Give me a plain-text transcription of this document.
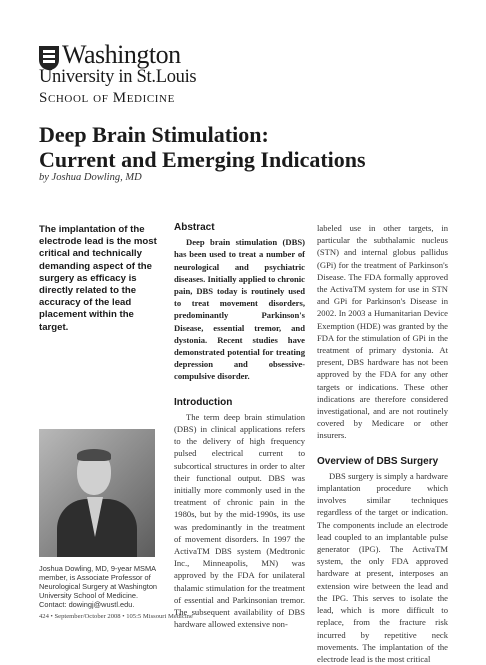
Washington
University in St.Louis
School of Medicine
Deep Brain Stimulation:
Current and Emerging Indications
by Joshua Dowling, MD
The implantation of the electrode lead is the most critical and technically demanding aspect of the surgery as efficacy is directly related to the accuracy of the lead placement within the target.
Joshua Dowling, MD, 9-year MSMA member, is Associate Professor of Neurological Surgery at Washington University School of Medicine.
Contact: dowingj@wustl.edu.
Abstract

Deep brain stimulation (DBS) has been used to treat a number of neurological and psychiatric diseases. Initially applied to chronic pain, DBS today is routinely used to treat movement disorders, predominantly Parkinson's Disease, essential tremor, and dystonia. Recent studies have demonstrated potential for treating depression and obsessive-compulsive disorder.

Introduction

The term deep brain stimulation (DBS) in clinical applications refers to the delivery of high frequency pulsed electrical current to subcortical structures in order to alter their functional output. DBS was initially more commonly used in the treatment of chronic pain in the 1980s, but by the mid-1990s, its use was predominantly in the treatment of movement disorders. In 1997 the ActivaTM DBS system (Medtronic Inc., Minneapolis, MN) was approved by the FDA for unilateral thalamic stimulation for the treatment of essential and Parkinsonian tremor. The subsequent availability of DBS hardware allowed extensive non-

labeled use in other targets, in particular the subthalamic nucleus (STN) and internal globus pallidus (GPi) for the treatment of Parkinson's Disease. The FDA formally approved the ActivaTM system for use in STN and GPi for Parkinson's Disease in 2002. In 2003 a Humanitarian Device Exemption (HDE) was granted by the FDA for the stimulation of GPi in the treatment of primary dystonia. At present, DBS hardware has not been approved by the FDA for any other targets or indications. These other indications are therefore considered investigational, and are not routinely covered by Medicare or other insurers.

Overview of DBS Surgery

DBS surgery is simply a hardware implantation procedure which involves similar techniques regardless of the target or indication. The components include an electrode lead coupled to an implantable pulse generator (IPG). The ActivaTM system, the only FDA approved hardware at present, interposes an extension wire between the lead and the IPG. This serves to isolate the lead, which is more difficult to replace, from the fracture risk incurred by repetitive neck movements. The implantation of the electrode lead is the most critical

424 • September/October 2008 • 105:5 Missouri Medicine
